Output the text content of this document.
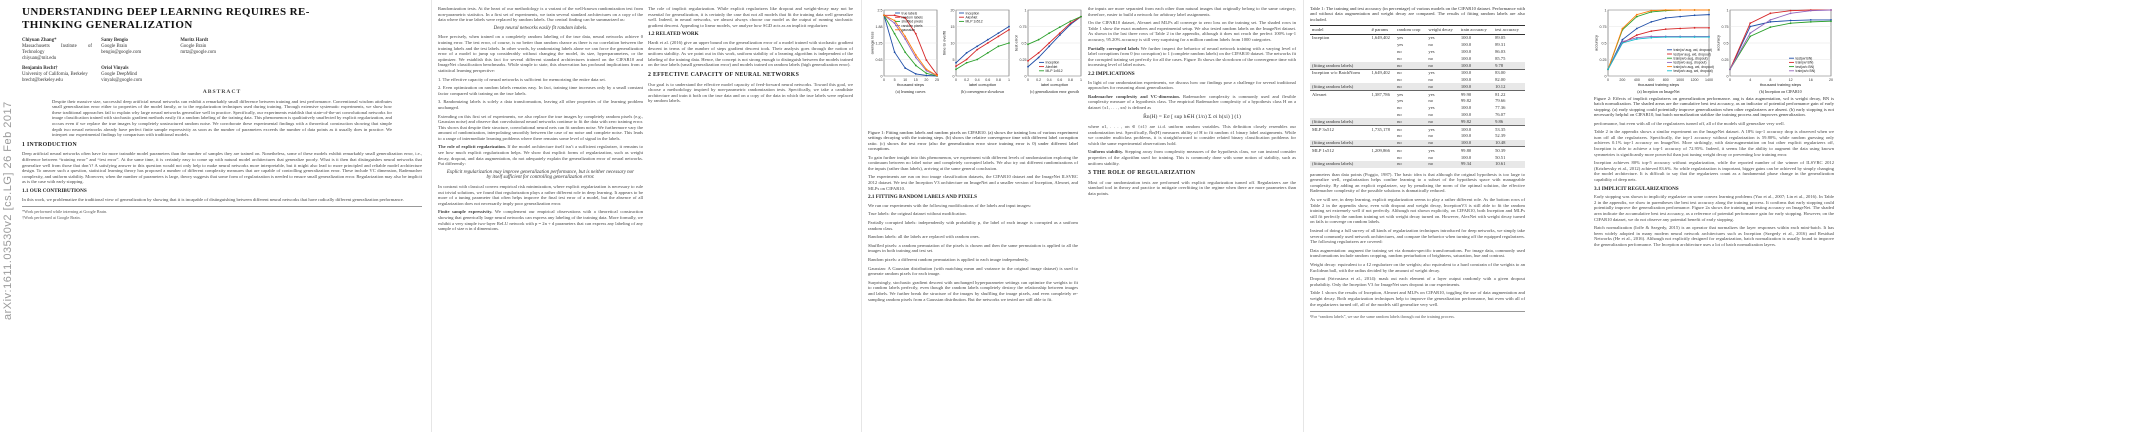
arXiv:1611.03530v2 [cs.LG] 26 Feb 2017
UNDERSTANDING DEEP LEARNING REQUIRES RE-
THINKING GENERALIZATION
Chiyuan Zhang*
Massachusetts Institute of Technology
chiyuan@mit.edu Samy Bengio
Google Brain
bengio@google.com Moritz Hardt
Google Brain
mrtz@google.com
Benjamin Recht†
University of California, Berkeley
brecht@berkeley.edu Oriol Vinyals
Google DeepMind
vinyals@google.com
ABSTRACT

Despite their massive size, successful deep artificial neural networks can exhibit a remarkably small difference between training and test performance. Conventional wisdom attributes small generalization error either to properties of the model family, or to the regularization techniques used during training. Through extensive systematic experiments, we show how these traditional approaches fail to explain why large neural networks generalize well in practice. Specifically, our experiments establish that state-of-the-art convolutional networks for image classification trained with stochastic gradient methods easily fit a random labeling of the training data. This phenomenon is qualitatively unaffected by explicit regularization, and occurs even if we replace the true images by completely unstructured random noise. We corroborate these experimental findings with a theoretical construction showing that simple depth two neural networks already have perfect finite sample expressivity as soon as the number of parameters exceeds the number of data points as it usually does in practice. We interpret our experimental findings by comparison with traditional models.

1 INTRODUCTION

Deep artificial neural networks often have far more trainable model parameters than the number of samples they are trained on. Nonetheless, some of these models exhibit remarkably small generalization error, i.e., difference between “training error” and “test error”. At the same time, it is certainly easy to come up with natural model architectures that generalize poorly. What is it then that distinguishes neural networks that generalize well from those that don’t? A satisfying answer to this question would not only help to make neural networks more interpretable, but it might also lead to more principled and reliable model architecture design. To answer such a question, statistical learning theory has proposed a number of different complexity measures that are capable of controlling generalization error. These include VC dimension, Rademacher complexity, and uniform stability. Moreover, when the number of parameters is large, theory suggests that some form of regularization is needed to ensure small generalization error. Regularization may also be implicit as is the case with early stopping.

1.1 OUR CONTRIBUTIONS

In this work, we problematize the traditional view of generalization by showing that it is incapable of distinguishing between different neural networks that have radically different generalization performance.

*Work performed while interning at Google Brain.
†Work performed at Google Brain.

Randomization tests. At the heart of our methodology is a variant of the well-known randomization test from non-parametric statistics. In a first set of experiments, we train several standard architectures on a copy of the data where the true labels were replaced by random labels. Our central finding can be summarized as:

Deep neural networks easily fit random labels.

More precisely, when trained on a completely random labeling of the true data, neural networks achieve 0 training error. The test error, of course, is no better than random chance as there is no correlation between the training labels and the test labels. In other words, by randomizing labels alone we can force the generalization error of a model to jump up considerably without changing the model, its size, hyperparameters, or the optimizer. We establish this fact for several different standard architectures trained on the CIFAR10 and ImageNet classification benchmarks. While simple to state, this observation has profound implications from a statistical learning perspective:

1. The effective capacity of neural networks is sufficient for memorizing the entire data set.

2. Even optimization on random labels remains easy. In fact, training time increases only by a small constant factor compared with training on the true labels.

3. Randomizing labels is solely a data transformation, leaving all other properties of the learning problem unchanged.

Extending on this first set of experiments, we also replace the true images by completely random pixels (e.g., Gaussian noise) and observe that convolutional neural networks continue to fit the data with zero training error. This shows that despite their structure, convolutional neural nets can fit random noise. We furthermore vary the amount of randomization, interpolating smoothly between the case of no noise and complete noise. This leads to a range of intermediate learning problems where there remains some level of signal in the labels.

The role of explicit regularization. If the model architecture itself isn’t a sufficient regularizer, it remains to see how much explicit regularization helps. We show that explicit forms of regularization, such as weight decay, dropout, and data augmentation, do not adequately explain the generalization error of neural networks. Put differently:

Explicit regularization may improve generalization performance, but is neither necessary nor by itself sufficient for controlling generalization error.

In contrast with classical convex empirical risk minimization, where explicit regularization is necessary to rule out trivial solutions, we found that regularization plays a rather different role in deep learning. It appears to be more of a tuning parameter that often helps improve the final test error of a model, but the absence of all regularization does not necessarily imply poor generalization error.

Finite sample expressivity. We complement our empirical observations with a theoretical construction showing that generically large neural networks can express any labeling of the training data. More formally, we exhibit a very simple two-layer ReLU network with p = 2n + d parameters that can express any labeling of any sample of size n in d dimensions.

The role of implicit regularization. While explicit regularizers like dropout and weight-decay may not be essential for generalization, it is certainly the case that not all models that fit the training data well generalize well. Indeed, in neural networks, we almost always choose our model as the output of running stochastic gradient descent. Appealing to linear models, we analyze how SGD acts as an implicit regularizer.

1.2 RELATED WORK

Hardt et al. (2016) give an upper bound on the generalization error of a model trained with stochastic gradient descent in terms of the number of steps gradient descent took. Their analysis goes through the notion of uniform stability. As we point out in this work, uniform stability of a learning algorithm is independent of the labeling of the training data. Hence, the concept is not strong enough to distinguish between the models trained on the true labels (small generalization error) and models trained on random labels (high generalization error).

2 EFFECTIVE CAPACITY OF NEURAL NETWORKS

Our goal is to understand the effective model capacity of feed-forward neural networks. Toward this goal, we choose a methodology inspired by non-parametric randomization tests. Specifically, we take a candidate architecture and train it both on the true data and on a copy of the data in which the true labels were replaced by random labels.

Figure 1: Fitting random labels and random pixels on CIFAR10. (a) shows the training loss of various experiment settings decaying with the training steps. (b) shows the relative convergence time with different label corruption ratio. (c) shows the test error (also the generalization error since training error is 0) under different label corruptions.

To gain further insight into this phenomenon, we experiment with different levels of randomization exploring the continuum between no label noise and completely corrupted labels. We also try out different randomizations of the inputs (rather than labels), arriving at the same general conclusion.

The experiments are run on two image classification datasets, the CIFAR10 dataset and the ImageNet ILSVRC 2012 dataset. We test the Inception V3 architecture on ImageNet and a smaller version of Inception, Alexnet, and MLPs on CIFAR10.

2.1 FITTING RANDOM LABELS AND PIXELS

We run our experiments with the following modifications of the labels and input images:

True labels: the original dataset without modification.

Partially corrupted labels: independently with probability p, the label of each image is corrupted as a uniform random class.

Random labels: all the labels are replaced with random ones.

Shuffled pixels: a random permutation of the pixels is chosen and then the same permutation is applied to all the images in both training and test set.

Random pixels: a different random permutation is applied to each image independently.

Gaussian: A Gaussian distribution (with matching mean and variance to the original image dataset) is used to generate random pixels for each image.

Surprisingly, stochastic gradient descent with unchanged hyperparameter settings can optimize the weights to fit to random labels perfectly, even though the random labels completely destroy the relationship between images and labels. We further break the structure of the images by shuffling the image pixels, and even completely re-sampling random pixels from a Gaussian distribution. But the networks we tested are still able to fit.

0
0.63
1.25
1.88
2.5
0 5 10 15 20 25
thousand steps
average loss
(a) learning curves
true labels
random labels
shuffled pixels
random pixels
gaussian
0
5
10
15
20
0 0.2 0.4 0.6 0.8 1
label corruption
time to overfit
(b) convergence slowdown
Inception
AlexNet
MLP 1x512
0
0.25
0.5
0.75
1
0 0.2 0.4 0.6 0.8 1
label corruption
test error
(c) generalization error growth
Inception
AlexNet
MLP 1x512

the inputs are more separated from each other than natural images that originally belong to the same category, therefore, easier to build a network for arbitrary label assignments.

On the CIFAR10 dataset, Alexnet and MLPs all converge to zero loss on the training set. The shaded rows in Table 1 show the exact numbers and experimental setup. We also tested random labels on the ImageNet dataset. As shown in the last three rows of Table 2 in the appendix, although it does not reach the perfect 100% top-1 accuracy, 95.20% accuracy is still very surprising for a million random labels from 1000 categories.

Partially corrupted labels We further inspect the behavior of neural network training with a varying level of label corruptions from 0 (no corruption) to 1 (complete random labels) on the CIFAR10 dataset. The networks fit the corrupted training set perfectly for all the cases. Figure 1b shows the slowdown of the convergence time with increasing level of label noises.

2.2 IMPLICATIONS

In light of our randomization experiments, we discuss how our findings pose a challenge for several traditional approaches for reasoning about generalization.

Rademacher complexity and VC-dimension. Rademacher complexity is commonly used and flexible complexity measure of a hypothesis class. The empirical Rademacher complexity of a hypothesis class H on a dataset {x1, . . . , xn} is defined as

R̂n(H) = Eσ [ sup h∈H (1/n) Σ σi h(xi) ] (1)

where σ1, . . . , σn ∈ {±1} are i.i.d. uniform random variables. This definition closely resembles our randomization test. Specifically, R̂n(H) measures ability of H to fit random ±1 binary label assignments. While we consider multiclass problems, it is straightforward to consider related binary classification problems for which the same experimental observations hold.

Uniform stability. Stepping away from complexity measures of the hypothesis class, we can instead consider properties of the algorithm used for training. This is commonly done with some notion of stability, such as uniform stability.

3 THE ROLE OF REGULARIZATION

Most of our randomization tests are performed with explicit regularization turned off. Regularizers are the standard tool in theory and practice to mitigate overfitting in the regime when there are more parameters than data points.

Table 1: The training and test accuracy (in percentage) of various models on the CIFAR10 dataset. Performance with and without data augmentation and weight decay are compared. The results of fitting random labels are also included.

model	# params	random crop	weight decay	train accuracy	test accuracy
Inception	1,649,402	yes	yes	100.0	89.05
		yes	no	100.0	89.31
		no	yes	100.0	86.03
		no	no	100.0	85.75
(fitting random labels)		no	no	100.0	9.78
Inception w/o BatchNorm	1,649,402	no	yes	100.0	83.00
		no	no	100.0	82.00
(fitting random labels)		no	no	100.0	10.12
Alexnet	1,387,786	yes	yes	99.90	81.22
		yes	no	99.82	79.66
		no	yes	100.0	77.36
		no	no	100.0	76.07
(fitting random labels)		no	no	99.82	9.86
MLP 3x512	1,735,178	no	yes	100.0	53.35
		no	no	100.0	52.39
(fitting random labels)		no	no	100.0	10.48
MLP 1x512	1,209,866	no	yes	99.80	50.39
		no	no	100.0	50.51
(fitting random labels)		no	no	99.34	10.61

parameters than data points (Poggio, 1987). The basic idea is that although the original hypothesis is too large to generalize well, regularization helps confine learning to a subset of the hypothesis space with manageable complexity. By adding an explicit regularizer, say by penalizing the norm of the optimal solution, the effective Rademacher complexity of the possible solutions is dramatically reduced.

As we will see, in deep learning, explicit regularization seems to play a rather different role. As the bottom rows of Table 2 in the appendix show, even with dropout and weight decay, InceptionV3 is still able to fit the random training set extremely well if not perfectly. Although not shown explicitly, on CIFAR10, both Inception and MLPs still fit perfectly the random training set with weight decay turned on. However, AlexNet with weight decay turned on fails to converge on random labels.

Instead of doing a full survey of all kinds of regularization techniques introduced for deep networks, we simply take several commonly used network architectures, and compare the behavior when turning off the equipped regularizers. The following regularizers are covered:

Data augmentation: augment the training set via domain-specific transformations. For image data, commonly used transformations include random cropping, random perturbation of brightness, saturation, hue and contrast.

Weight decay: equivalent to a ℓ2 regularizer on the weights; also equivalent to a hard constrain of the weights to an Euclidean ball, with the radius decided by the amount of weight decay.

Dropout (Srivastava et al., 2014): mask out each element of a layer output randomly with a given dropout probability. Only the Inception V3 for ImageNet uses dropout in our experiments.

Table 1 shows the results of Inception, Alexnet and MLPs on CIFAR10, toggling the use of data augmentation and weight decay. Both regularization techniques help to improve the generalization performance, but even with all of the regularizers turned off, all of the models still generalize very well.

¹For “random labels”, we use the same random labels through out the training process.
0
0.25
0.5
0.75
1
0	200 400 600 800 1000 1200 1400
thousand training steps
accuracy
(a) Inception on ImageNet
train(w/ aug, wd, dropout)
test(w/ aug, wd, dropout)
train(w/o aug, dropout)
test(w/o aug, dropout)
train(w/o aug, wd, dropout)
test(w/o aug, wd, dropout)
0
0.25
0.5
0.75
1
0	4	8	12	16	20
thousand training steps
accuracy
(b) Inception on CIFAR10
test(w/ BN)
train(w/ BN)
test(w/o BN)
train(w/o BN)

Figure 2: Effects of implicit regularizers on generalization performance. aug is data augmentation, wd is weight decay, BN is batch normalization. The shaded areas are the cumulative best test accuracy, as an indicator of potential performance gain of early stopping. (a) early stopping could potentially improve generalization when other regularizers are absent. (b) early stopping is not necessarily helpful on CIFAR10, but batch normalization stablize the training process and improves generalization.

performance, but even with all of the regularizers turned off, all of the models still generalize very well.

Table 2 in the appendix shows a similar experiment on the ImageNet dataset. A 18% top-1 accuracy drop is observed when we turn off all the regularizers. Specifically, the top-1 accuracy without regularization is 59.80%, while random guessing only achieves 0.1% top-1 accuracy on ImageNet. More strikingly, with data-augmentation on but other explicit regularizers off, Inception is able to achieve a top-1 accuracy of 72.95%. Indeed, it seems like the ability to augment the data using known symmetries is significantly more powerful than just tuning weight decay or preventing low training error.

Inception achieves 80% top-5 accuracy without regularization, while the reported number of the winner of ILSVRC 2012 (Krizhevsky et al., 2012) achieved 83.6%. So while regularization is important, bigger gains can be achieved by simply changing the model architecture. It is difficult to say that the regularizers count as a fundamental phase change in the generalization capability of deep nets.

3.1 IMPLICIT REGULARIZATIONS

Early stopping was shown to implicitly regularize on some convex learning problems (Yao et al., 2007; Lin et al., 2016). In Table 2 in the appendix, we show in parentheses the best test accuracy along the training process. It confirms that early stopping could potentially improve the generalization performance. Figure 2a shows the training and testing accuracy on ImageNet. The shaded area indicate the accumulative best test accuracy, as a reference of potential performance gain for early stopping. However, on the CIFAR10 dataset, we do not observe any potential benefit of early stopping.

Batch normalization (Ioffe & Szegedy, 2015) is an operator that normalizes the layer responses within each mini-batch. It has been widely adopted in many modern neural network architectures such as Inception (Szegedy et al., 2016) and Residual Networks (He et al., 2016). Although not explicitly designed for regularization, batch normalization is usually found to improve the generalization performance. The Inception architecture uses a lot of batch normalization layers.
